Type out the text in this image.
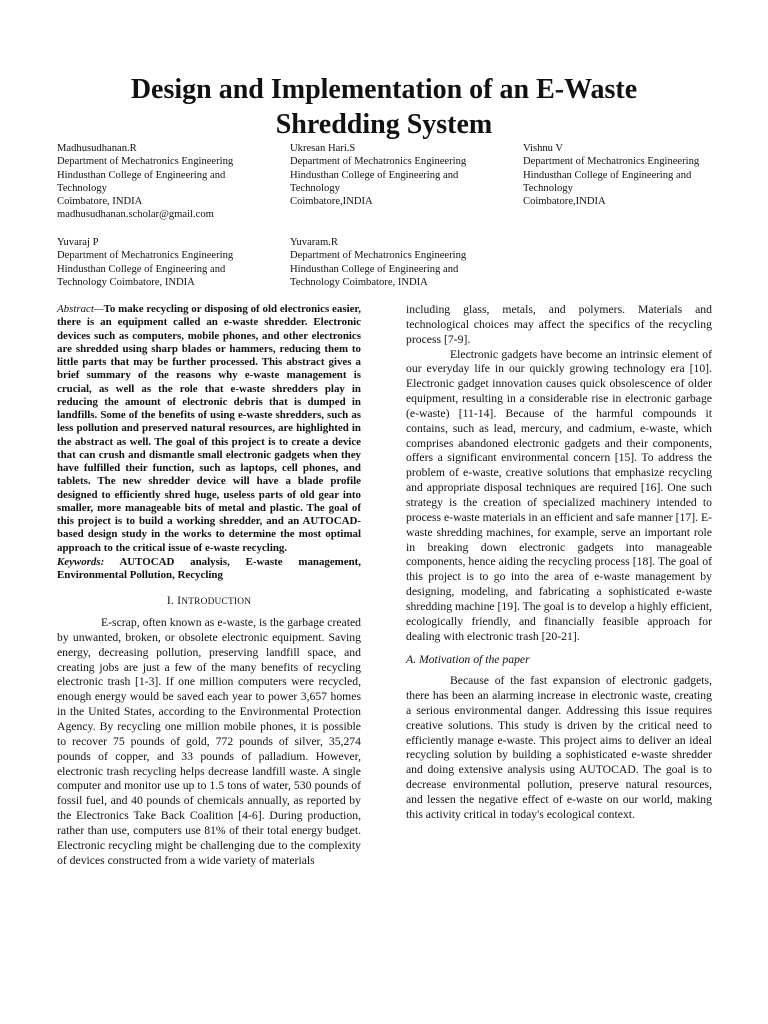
Design and Implementation of an E-Waste
Shredding System
Madhusudhanan.R
Department of Mechatronics Engineering
Hindusthan College of Engineering and
Technology
Coimbatore, INDIA
madhusudhanan.scholar@gmail.com
Ukresan Hari.S
Department of Mechatronics Engineering
Hindusthan College of Engineering and
Technology
Coimbatore,INDIA
Vishnu V
Department of Mechatronics Engineering
Hindusthan College of Engineering and
Technology
Coimbatore,INDIA
Yuvaraj P
Department of Mechatronics Engineering
Hindusthan College of Engineering and
Technology Coimbatore, INDIA
Yuvaram.R
Department of Mechatronics Engineering
Hindusthan College of Engineering and
Technology Coimbatore, INDIA

Abstract—To make recycling or disposing of old electronics easier, there is an equipment called an e-waste shredder. Electronic devices such as computers, mobile phones, and other electronics are shredded using sharp blades or hammers, reducing them to little parts that may be further processed. This abstract gives a brief summary of the reasons why e-waste management is crucial, as well as the role that e-waste shredders play in reducing the amount of electronic debris that is dumped in landfills. Some of the benefits of using e-waste shredders, such as less pollution and preserved natural resources, are highlighted in the abstract as well. The goal of this project is to create a device that can crush and dismantle small electronic gadgets when they have fulfilled their function, such as laptops, cell phones, and tablets. The new shredder device will have a blade profile designed to efficiently shred huge, useless parts of old gear into smaller, more manageable bits of metal and plastic. The goal of this project is to build a working shredder, and an AUTOCAD-based design study in the works to determine the most optimal approach to the critical issue of e-waste recycling.

Keywords: AUTOCAD analysis, E-waste management, Environmental Pollution, Recycling

I. INTRODUCTION

E-scrap, often known as e-waste, is the garbage created by unwanted, broken, or obsolete electronic equipment. Saving energy, decreasing pollution, preserving landfill space, and creating jobs are just a few of the many benefits of recycling electronic trash [1-3]. If one million computers were recycled, enough energy would be saved each year to power 3,657 homes in the United States, according to the Environmental Protection Agency. By recycling one million mobile phones, it is possible to recover 75 pounds of gold, 772 pounds of silver, 35,274 pounds of copper, and 33 pounds of palladium. However, electronic trash recycling helps decrease landfill waste. A single computer and monitor use up to 1.5 tons of water, 530 pounds of fossil fuel, and 40 pounds of chemicals annually, as reported by the Electronics Take Back Coalition [4-6]. During production, rather than use, computers use 81% of their total energy budget. Electronic recycling might be challenging due to the complexity of devices constructed from a wide variety of materials

including glass, metals, and polymers. Materials and technological choices may affect the specifics of the recycling process [7-9].

Electronic gadgets have become an intrinsic element of our everyday life in our quickly growing technology era [10]. Electronic gadget innovation causes quick obsolescence of older equipment, resulting in a considerable rise in electronic garbage (e-waste) [11-14]. Because of the harmful compounds it contains, such as lead, mercury, and cadmium, e-waste, which comprises abandoned electronic gadgets and their components, offers a significant environmental concern [15]. To address the problem of e-waste, creative solutions that emphasize recycling and appropriate disposal techniques are required [16]. One such strategy is the creation of specialized machinery intended to process e-waste materials in an efficient and safe manner [17]. E-waste shredding machines, for example, serve an important role in breaking down electronic gadgets into manageable components, hence aiding the recycling process [18]. The goal of this project is to go into the area of e-waste management by designing, modeling, and fabricating a sophisticated e-waste shredding machine [19]. The goal is to develop a highly efficient, ecologically friendly, and financially feasible approach for dealing with electronic trash [20-21].

A. Motivation of the paper

Because of the fast expansion of electronic gadgets, there has been an alarming increase in electronic waste, creating a serious environmental danger. Addressing this issue requires creative solutions. This study is driven by the critical need to efficiently manage e-waste. This project aims to deliver an ideal recycling solution by building a sophisticated e-waste shredder and doing extensive analysis using AUTOCAD. The goal is to decrease environmental pollution, preserve natural resources, and lessen the negative effect of e-waste on our world, making this activity critical in today's ecological context.
